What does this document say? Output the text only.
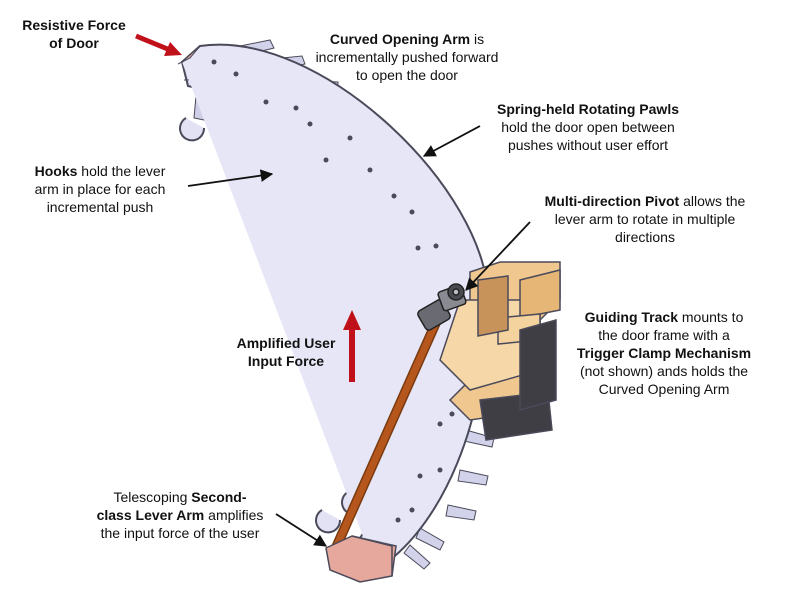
Resistive Force of Door	Curved Opening Arm is
incrementally pushed forward
to open the door
Spring-held Rotating Pawls
hold the door open between
pushes without user effort
Hooks hold the lever
arm in place for each
incremental push	Multi-direction Pivot allows the
lever arm to rotate in multiple
directions
Guiding Track mounts to
the door frame with a
Trigger Clamp Mechanism
(not shown) ands holds the
Curved Opening Arm
Amplified User Input Force
Telescoping Second-
class Lever Arm amplifies
the input force of the user
